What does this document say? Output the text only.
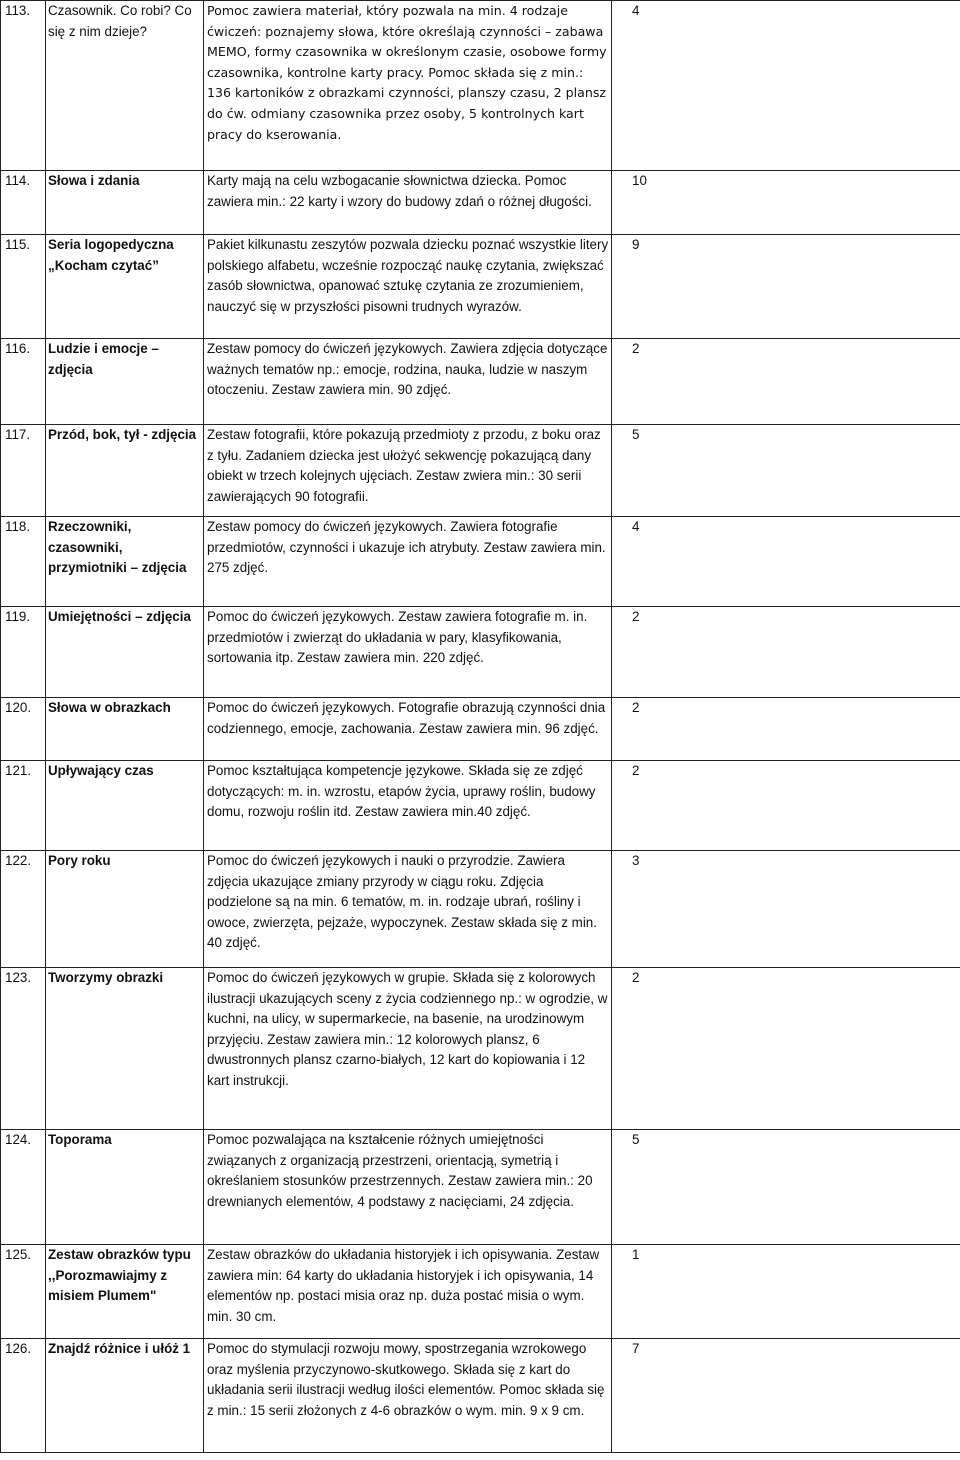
113.	Czasownik. Co robi? Co się z nim dzieje?	Pomoc zawiera materiał, który pozwala na min. 4 rodzaje ćwiczeń: poznajemy słowa, które określają czynności – zabawa MEMO, formy czasownika w określonym czasie, osobowe formy czasownika, kontrolne karty pracy. Pomoc składa się z min.: 136 kartoników z obrazkami czynności, planszy czasu, 2 plansz do ćw. odmiany czasownika przez osoby, 5 kontrolnych kart pracy do kserowania.	4
114.	Słowa i zdania	Karty mają na celu wzbogacanie słownictwa dziecka. Pomoc zawiera min.: 22 karty i wzory do budowy zdań o różnej długości.	10
115.	Seria logopedyczna „Kocham czytać”	Pakiet kilkunastu zeszytów pozwala dziecku poznać wszystkie litery polskiego alfabetu, wcześnie rozpocząć naukę czytania, zwiększać zasób słownictwa, opanować sztukę czytania ze zrozumieniem, nauczyć się w przyszłości pisowni trudnych wyrazów.	9
116.	Ludzie i emocje – zdjęcia	Zestaw pomocy do ćwiczeń językowych. Zawiera zdjęcia dotyczące ważnych tematów np.: emocje, rodzina, nauka, ludzie w naszym otoczeniu. Zestaw zawiera min. 90 zdjęć.	2
117.	Przód, bok, tył - zdjęcia	Zestaw fotografii, które pokazują przedmioty z przodu, z boku oraz z tyłu. Zadaniem dziecka jest ułożyć sekwencję pokazującą dany obiekt w trzech kolejnych ujęciach. Zestaw zwiera min.: 30 serii zawierających 90 fotografii.	5
118.	Rzeczowniki, czasowniki, przymiotniki – zdjęcia	Zestaw pomocy do ćwiczeń językowych. Zawiera fotografie przedmiotów, czynności i ukazuje ich atrybuty. Zestaw zawiera min. 275 zdjęć.	4
119.	Umiejętności – zdjęcia	Pomoc do ćwiczeń językowych. Zestaw zawiera fotografie m. in. przedmiotów i zwierząt do układania w pary, klasyfikowania, sortowania itp. Zestaw zawiera min. 220 zdjęć.	2
120.	Słowa w obrazkach	Pomoc do ćwiczeń językowych. Fotografie obrazują czynności dnia codziennego, emocje, zachowania. Zestaw zawiera min. 96 zdjęć.	2
121.	Upływający czas	Pomoc kształtująca kompetencje językowe. Składa się ze zdjęć dotyczących: m. in. wzrostu, etapów życia, uprawy roślin, budowy domu, rozwoju roślin itd. Zestaw zawiera min.40 zdjęć.	2
122.	Pory roku	Pomoc do ćwiczeń językowych i nauki o przyrodzie. Zawiera zdjęcia ukazujące zmiany przyrody w ciągu roku. Zdjęcia podzielone są na min. 6 tematów, m. in. rodzaje ubrań, rośliny i owoce, zwierzęta, pejzaże, wypoczynek. Zestaw składa się z min. 40 zdjęć.	3
123.	Tworzymy obrazki	Pomoc do ćwiczeń językowych w grupie. Składa się z kolorowych ilustracji ukazujących sceny z życia codziennego np.: w ogrodzie, w kuchni, na ulicy, w supermarkecie, na basenie, na urodzinowym przyjęciu. Zestaw zawiera min.: 12 kolorowych plansz, 6 dwustronnych plansz czarno-białych, 12 kart do kopiowania i 12 kart instrukcji.	2
124.	Toporama	Pomoc pozwalająca na kształcenie różnych umiejętności związanych z organizacją przestrzeni, orientacją, symetrią i określaniem stosunków przestrzennych. Zestaw zawiera min.: 20 drewnianych elementów, 4 podstawy z nacięciami, 24 zdjęcia.	5
125.	Zestaw obrazków typu ,,Porozmawiajmy z misiem Plumem"	Zestaw obrazków do układania historyjek i ich opisywania. Zestaw zawiera min: 64 karty do układania historyjek i ich opisywania, 14 elementów np. postaci misia oraz np. duża postać misia o wym. min. 30 cm.	1
126.	Znajdź różnice i ułóż 1	Pomoc do stymulacji rozwoju mowy, spostrzegania wzrokowego oraz myślenia przyczynowo-skutkowego. Składa się z kart do układania serii ilustracji według ilości elementów. Pomoc składa się z min.: 15 serii złożonych z 4-6 obrazków o wym. min. 9 x 9 cm.	7
